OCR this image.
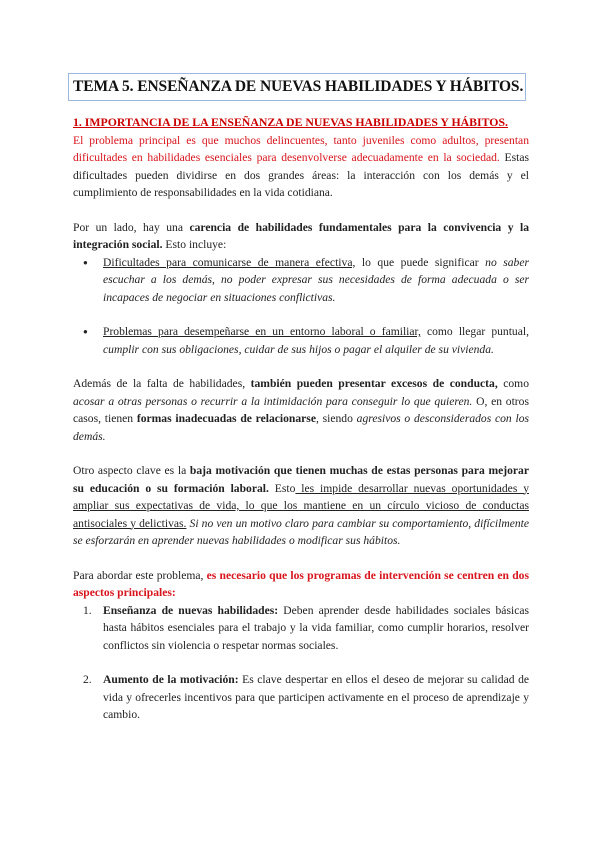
TEMA 5. ENSEÑANZA DE NUEVAS HABILIDADES Y HÁBITOS.

1. IMPORTANCIA DE LA ENSEÑANZA DE NUEVAS HABILIDADES Y HÁBITOS.

El problema principal es que muchos delincuentes, tanto juveniles como adultos, presentan dificultades en habilidades esenciales para desenvolverse adecuadamente en la sociedad. Estas dificultades pueden dividirse en dos grandes áreas: la interacción con los demás y el cumplimiento de responsabilidades en la vida cotidiana.

Por un lado, hay una carencia de habilidades fundamentales para la convivencia y la integración social. Esto incluye:

● Dificultades para comunicarse de manera efectiva, lo que puede significar no saber escuchar a los demás, no poder expresar sus necesidades de forma adecuada o ser incapaces de negociar en situaciones conflictivas.
● Problemas para desempeñarse en un entorno laboral o familiar, como llegar puntual, cumplir con sus obligaciones, cuidar de sus hijos o pagar el alquiler de su vivienda.

Además de la falta de habilidades, también pueden presentar excesos de conducta, como acosar a otras personas o recurrir a la intimidación para conseguir lo que quieren. O, en otros casos, tienen formas inadecuadas de relacionarse, siendo agresivos o desconsiderados con los demás.

Otro aspecto clave es la baja motivación que tienen muchas de estas personas para mejorar su educación o su formación laboral. Esto les impide desarrollar nuevas oportunidades y ampliar sus expectativas de vida, lo que los mantiene en un círculo vicioso de conductas antisociales y delictivas. Si no ven un motivo claro para cambiar su comportamiento, difícilmente se esforzarán en aprender nuevas habilidades o modificar sus hábitos.

Para abordar este problema, es necesario que los programas de intervención se centren en dos aspectos principales:

1. Enseñanza de nuevas habilidades: Deben aprender desde habilidades sociales básicas hasta hábitos esenciales para el trabajo y la vida familiar, como cumplir horarios, resolver conflictos sin violencia o respetar normas sociales.
2. Aumento de la motivación: Es clave despertar en ellos el deseo de mejorar su calidad de vida y ofrecerles incentivos para que participen activamente en el proceso de aprendizaje y cambio.
